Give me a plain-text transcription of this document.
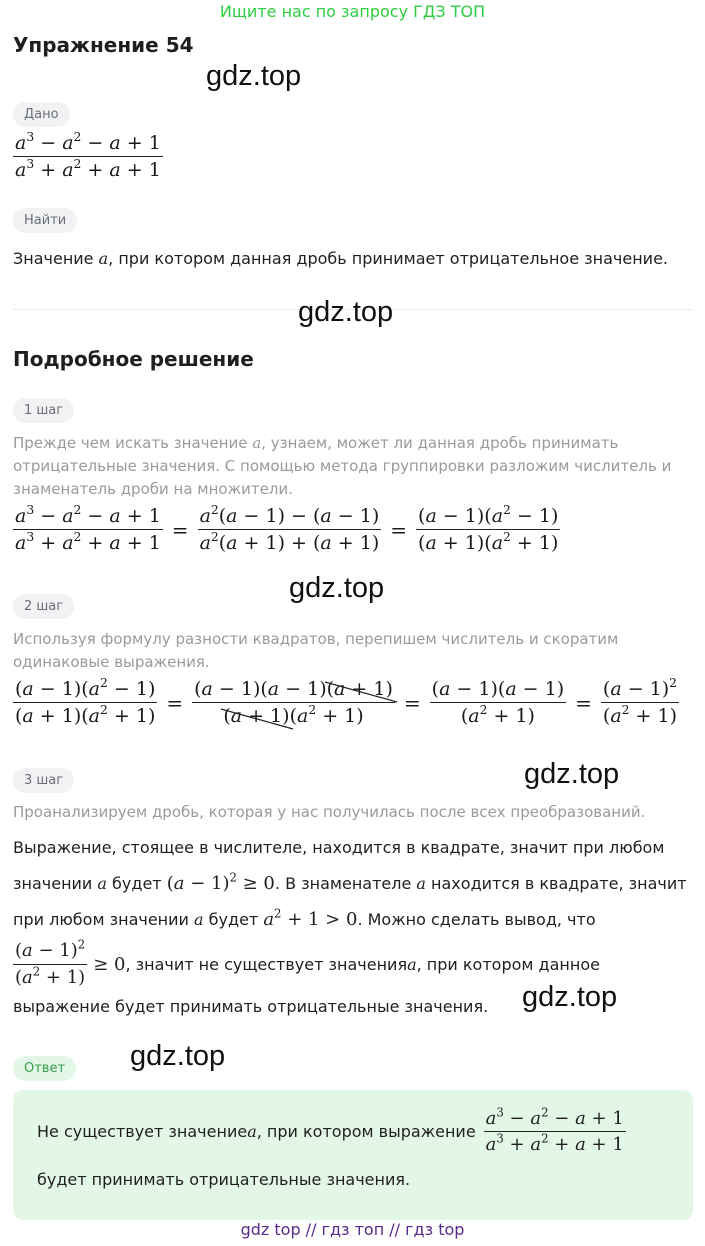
Ищите нас по запросу ГДЗ ТОП
Упражнение 54
gdz.top
Дано
$\frac{a^3 - a^2 - a + 1}{a^3 + a^2 + a + 1}$
Найти
Значение a, при котором данная дробь принимает отрицательное значение.
gdz.top
Подробное решение
1 шаг
Прежде чем искать значение a, узнаем, может ли данная дробь принимать отрицательные значения. С помощью метода группировки разложим числитель и знаменатель дроби на множители.
$\frac{a^3 - a^2 - a + 1}{a^3 + a^2 + a + 1} = \frac{a^2(a - 1) - (a - 1)}{a^2(a + 1) + (a + 1)} = \frac{(a - 1)(a^2 - 1)}{(a + 1)(a^2 + 1)}$
gdz.top
2 шаг
Используя формулу разности квадратов, перепишем числитель и скоратим одинаковые выражения.
$\frac{(a - 1)(a^2 - 1)}{(a + 1)(a^2 + 1)} = (a - 1)(a - 1)(a + 1)$
(a + 1)
$(a^2 + 1) = \frac{(a - 1)(a - 1)}{(a^2 + 1)} = \frac{(a - 1)^2}{(a^2 + 1)}$
3 шаг	gdz.top
Проанализируем дробь, которая у нас получилась после всех преобразований.
Выражение, стоящее в числителе, находится в квадрате, значит при любом
значении a будет $(a - 1)^2 \ge 0$. В знаменателе a находится в квадрате, значит
при любом значении a будет $a^2 + 1 > 0$. Можно сделать вывод, что
$\frac{(a - 1)^2}{(a^2 + 1)} \ge 0$ , значит не существует значения a , при котором данное
выражение будет принимать отрицательные значения.	gdz.top
gdz.top
Ответ
Не существует значение a , при котором выражение $\frac{a^3 - a^2 - a + 1}{a^3 + a^2 + a + 1}$
будет принимать отрицательные значения.
gdz top // гдз топ // гдз top
